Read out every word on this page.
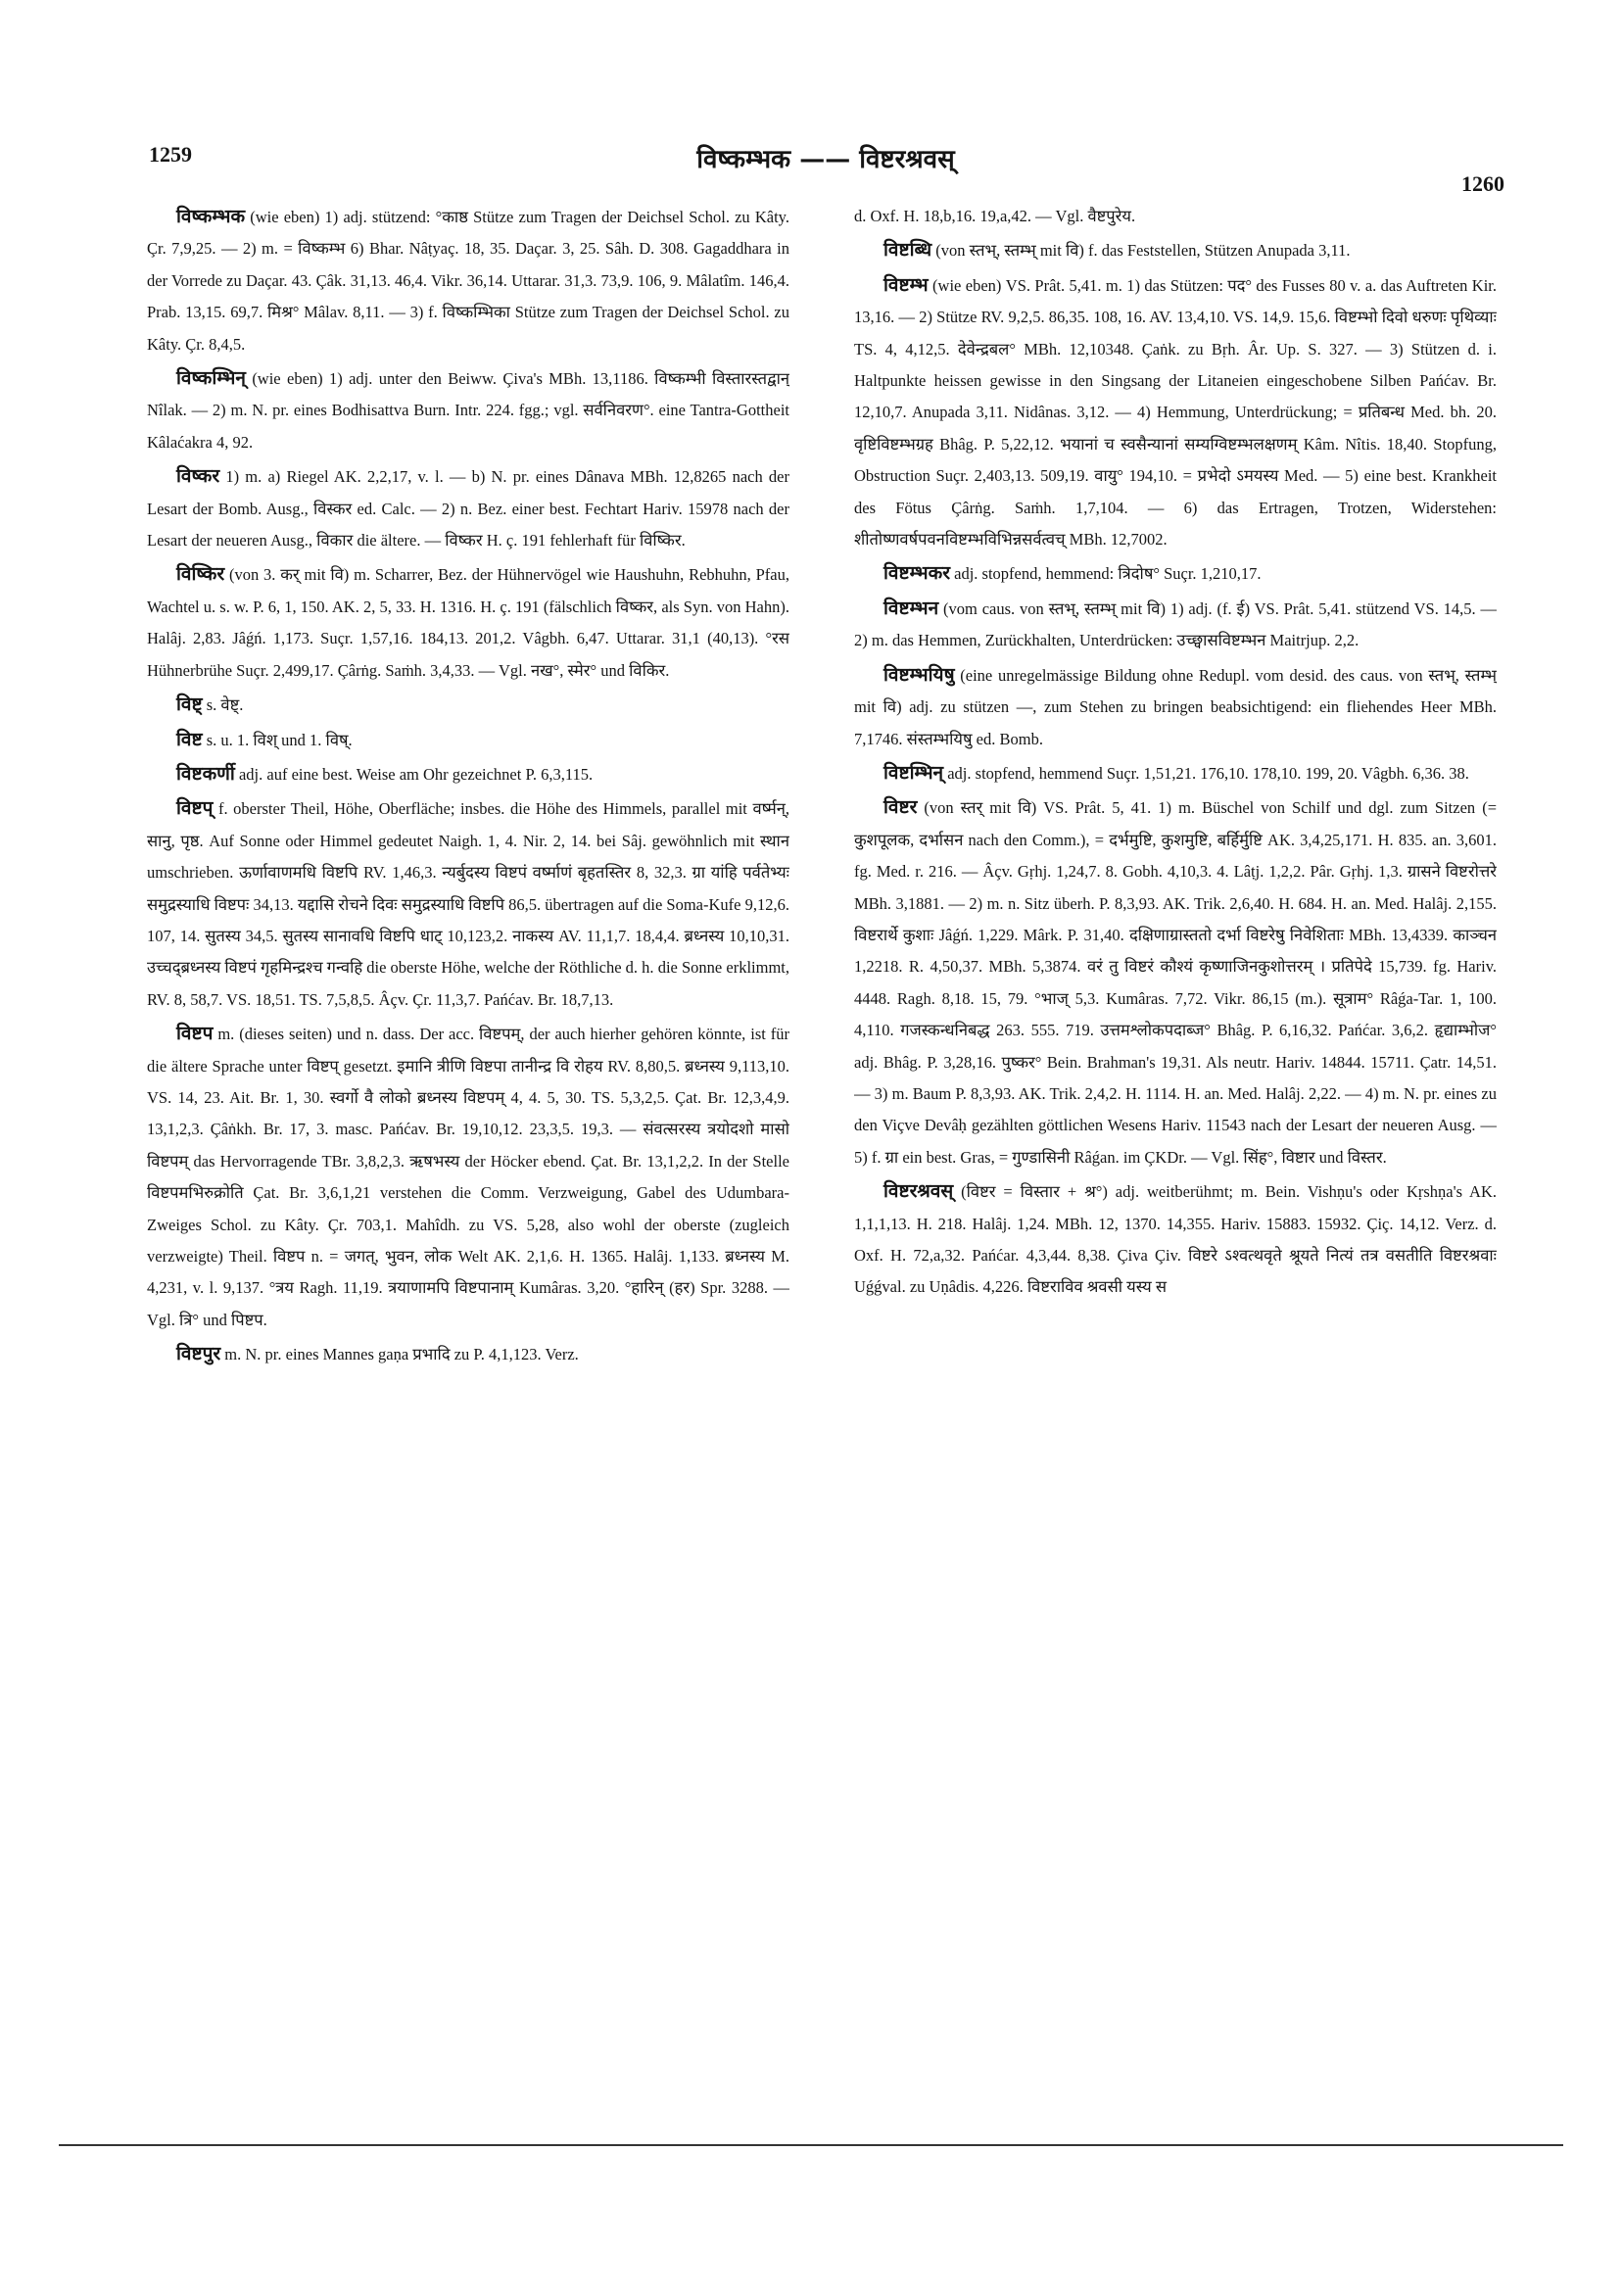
1259	विष्कम्भक —— विष्टरश्रवस्
1260

विष्कम्भक (wie eben) 1) adj. stützend: °काष्ठ Stütze zum Tragen der Deichsel Schol. zu Kâty. Çr. 7,9,25. — 2) m. = विष्कम्भ 6) Bhar. Nâṭyaç. 18, 35. Daçar. 3, 25. Sâh. D. 308. Gagaddhara in der Vorrede zu Daçar. 43. Çâk. 31,13. 46,4. Vikr. 36,14. Uttarar. 31,3. 73,9. 106, 9. Mâlatîm. 146,4. Prab. 13,15. 69,7. मिश्र° Mâlav. 8,11. — 3) f. विष्कम्भिका Stütze zum Tragen der Deichsel Schol. zu Kâty. Çr. 8,4,5.

विष्कम्भिन् (wie eben) 1) adj. unter den Beiww. Çiva's MBh. 13,1186. विष्कम्भी विस्तारस्तद्वान् Nîlak. — 2) m. N. pr. eines Bodhisattva Burn. Intr. 224. fgg.; vgl. सर्वनिवरण°. eine Tantra-Gottheit Kâlaćakra 4, 92.

विष्कर 1) m. a) Riegel AK. 2,2,17, v. l. — b) N. pr. eines Dânava MBh. 12,8265 nach der Lesart der Bomb. Ausg., विस्कर ed. Calc. — 2) n. Bez. einer best. Fechtart Hariv. 15978 nach der Lesart der neueren Ausg., विकार die ältere. — विष्कर H. ç. 191 fehlerhaft für विष्किर.

विष्किर (von 3. कर् mit वि) m. Scharrer, Bez. der Hühnervögel wie Haushuhn, Rebhuhn, Pfau, Wachtel u. s. w. P. 6, 1, 150. AK. 2, 5, 33. H. 1316. H. ç. 191 (fälschlich विष्कर, als Syn. von Hahn). Halâj. 2,83. Jâǵń. 1,173. Suçr. 1,57,16. 184,13. 201,2. Vâgbh. 6,47. Uttarar. 31,1 (40,13). °रस Hühnerbrühe Suçr. 2,499,17. Çârṅg. Saṁh. 3,4,33. — Vgl. नख°, स्मेर° und विकिर.

विष्ट् s. वेष्ट्.

विष्ट s. u. 1. विश् und 1. विष्.

विष्टकर्णी adj. auf eine best. Weise am Ohr gezeichnet P. 6,3,115.

विष्टप् f. oberster Theil, Höhe, Oberfläche; insbes. die Höhe des Himmels, parallel mit वर्ष्मन्, सानु, पृष्ठ. Auf Sonne oder Himmel gedeutet Naigh. 1, 4. Nir. 2, 14. bei Sâj. gewöhnlich mit स्थान umschrieben. ऊर्णावाणमधि विष्टपि RV. 1,46,3. न्यर्बुदस्य विष्टपं वर्ष्माणं बृहतस्तिर 8, 32,3. ग्रा यांहि पर्वतेभ्यः समुद्रस्याधि विष्टपः 34,13. यद्दासि रोचने दिवः समुद्रस्याधि विष्टपि 86,5. übertragen auf die Soma-Kufe 9,12,6. 107, 14. सुतस्य 34,5. सुतस्य सानावधि विष्टपि धाट् 10,123,2. नाकस्य AV. 11,1,7. 18,4,4. ब्रध्नस्य 10,10,31. उच्चद्ब्रध्नस्य विष्टपं गृहमिन्द्रश्च गन्वहि die oberste Höhe, welche der Röthliche d. h. die Sonne erklimmt, RV. 8, 58,7. VS. 18,51. TS. 7,5,8,5. Âçv. Çr. 11,3,7. Pańćav. Br. 18,7,13.

विष्टप m. (dieses seiten) und n. dass. Der acc. विष्टपम्, der auch hierher gehören könnte, ist für die ältere Sprache unter विष्टप् gesetzt. इमानि त्रीणि विष्टपा तानीन्द्र वि रोहय RV. 8,80,5. ब्रध्नस्य 9,113,10. VS. 14, 23. Ait. Br. 1, 30. स्वर्गो वै लोको ब्रध्नस्य विष्टपम् 4, 4. 5, 30. TS. 5,3,2,5. Çat. Br. 12,3,4,9. 13,1,2,3. Çâṅkh. Br. 17, 3. masc. Pańćav. Br. 19,10,12. 23,3,5. 19,3. — संवत्सरस्य त्रयोदशो मासो विष्टपम् das Hervorragende TBr. 3,8,2,3. ऋषभस्य der Höcker ebend. Çat. Br. 13,1,2,2. In der Stelle विष्टपमभिरुक्रोति Çat. Br. 3,6,1,21 verstehen die Comm. Verzweigung, Gabel des Udumbara-Zweiges Schol. zu Kâty. Çr. 703,1. Mahîdh. zu VS. 5,28, also wohl der oberste (zugleich verzweigte) Theil. विष्टप n. = जगत्, भुवन, लोक Welt AK. 2,1,6. H. 1365. Halâj. 1,133. ब्रध्नस्य M. 4,231, v. l. 9,137. °त्रय Ragh. 11,19. त्रयाणामपि विष्टपानाम् Kumâras. 3,20. °हारिन् (हर) Spr. 3288. — Vgl. त्रि° und पिष्टप.

विष्टपुर m. N. pr. eines Mannes gaṇa प्रभादि zu P. 4,1,123. Verz.

d. Oxf. H. 18,b,16. 19,a,42. — Vgl. वैष्टपुरेय.

विष्टब्धि (von स्तभ्, स्तम्भ् mit वि) f. das Feststellen, Stützen Anupada 3,11.

विष्टम्भ (wie eben) VS. Prât. 5,41. m. 1) das Stützen: पद° des Fusses 80 v. a. das Auftreten Kir. 13,16. — 2) Stütze RV. 9,2,5. 86,35. 108, 16. AV. 13,4,10. VS. 14,9. 15,6. विष्टम्भो दिवो धरुणः पृथिव्याः TS. 4, 4,12,5. देवेन्द्रबल° MBh. 12,10348. Çaṅk. zu Bṛh. Âr. Up. S. 327. — 3) Stützen d. i. Haltpunkte heissen gewisse in den Singsang der Litaneien eingeschobene Silben Pańćav. Br. 12,10,7. Anupada 3,11. Nidânas. 3,12. — 4) Hemmung, Unterdrückung; = प्रतिबन्ध Med. bh. 20. वृष्टिविष्टम्भग्रह Bhâg. P. 5,22,12. भयानां च स्वसैन्यानां सम्यग्विष्टम्भलक्षणम् Kâm. Nîtis. 18,40. Stopfung, Obstruction Suçr. 2,403,13. 509,19. वायु° 194,10. = प्रभेदो ऽमयस्य Med. — 5) eine best. Krankheit des Fötus Çârṅg. Saṁh. 1,7,104. — 6) das Ertragen, Trotzen, Widerstehen: शीतोष्णवर्षपवनविष्टम्भविभिन्नसर्वत्वच् MBh. 12,7002.

विष्टम्भकर adj. stopfend, hemmend: त्रिदोष° Suçr. 1,210,17.

विष्टम्भन (vom caus. von स्तभ्, स्तम्भ् mit वि) 1) adj. (f. ई) VS. Prât. 5,41. stützend VS. 14,5. — 2) m. das Hemmen, Zurückhalten, Unterdrücken: उच्छ्वासविष्टम्भन Maitrjup. 2,2.

विष्टम्भयिषु (eine unregelmässige Bildung ohne Redupl. vom desid. des caus. von स्तभ्, स्तम्भ् mit वि) adj. zu stützen —, zum Stehen zu bringen beabsichtigend: ein fliehendes Heer MBh. 7,1746. संस्तम्भयिषु ed. Bomb.

विष्टम्भिन् adj. stopfend, hemmend Suçr. 1,51,21. 176,10. 178,10. 199, 20. Vâgbh. 6,36. 38.

विष्टर (von स्तर् mit वि) VS. Prât. 5, 41. 1) m. Büschel von Schilf und dgl. zum Sitzen (= कुशपूलक, दर्भासन nach den Comm.), = दर्भमुष्टि, कुशमुष्टि, बर्हिर्मुष्टि AK. 3,4,25,171. H. 835. an. 3,601. fg. Med. r. 216. — Âçv. Gṛhj. 1,24,7. 8. Gobh. 4,10,3. 4. Lâṭj. 1,2,2. Pâr. Gṛhj. 1,3. ग्रासने विष्टरोत्तरे MBh. 3,1881. — 2) m. n. Sitz überh. P. 8,3,93. AK. Trik. 2,6,40. H. 684. H. an. Med. Halâj. 2,155. विष्टरार्थे कुशाः Jâǵń. 1,229. Mârk. P. 31,40. दक्षिणाग्रास्ततो दर्भा विष्टरेषु निवेशिताः MBh. 13,4339. काञ्चन 1,2218. R. 4,50,37. MBh. 5,3874. वरं तु विष्टरं कौश्यं कृष्णाजिनकुशोत्तरम् । प्रतिपेदे 15,739. fg. Hariv. 4448. Ragh. 8,18. 15, 79. °भाज् 5,3. Kumâras. 7,72. Vikr. 86,15 (m.). सूत्राम° Râǵa-Tar. 1, 100. 4,110. गजस्कन्धनिबद्ध 263. 555. 719. उत्तमश्लोकपदाब्ज° Bhâg. P. 6,16,32. Pańćar. 3,6,2. हृद्याम्भोज° adj. Bhâg. P. 3,28,16. पुष्कर° Bein. Brahman's 19,31. Als neutr. Hariv. 14844. 15711. Çatr. 14,51. — 3) m. Baum P. 8,3,93. AK. Trik. 2,4,2. H. 1114. H. an. Med. Halâj. 2,22. — 4) m. N. pr. eines zu den Viçve Devâḥ gezählten göttlichen Wesens Hariv. 11543 nach der Lesart der neueren Ausg. — 5) f. ग्रा ein best. Gras, = गुण्डासिनी Râǵan. im ÇKDr. — Vgl. सिंह°, विष्टार und विस्तर.

विष्टरश्रवस् (विष्टर = विस्तार + श्र°) adj. weitberühmt; m. Bein. Vishṇu's oder Kṛshṇa's AK. 1,1,1,13. H. 218. Halâj. 1,24. MBh. 12, 1370. 14,355. Hariv. 15883. 15932. Çiç. 14,12. Verz. d. Oxf. H. 72,a,32. Pańćar. 4,3,44. 8,38. Çiva Çiv. विष्टरे ऽश्वत्थवृते श्रूयते नित्यं तत्र वसतीति विष्टरश्रवाः Uǵǵval. zu Uṇâdis. 4,226. विष्टराविव श्रवसी यस्य स
